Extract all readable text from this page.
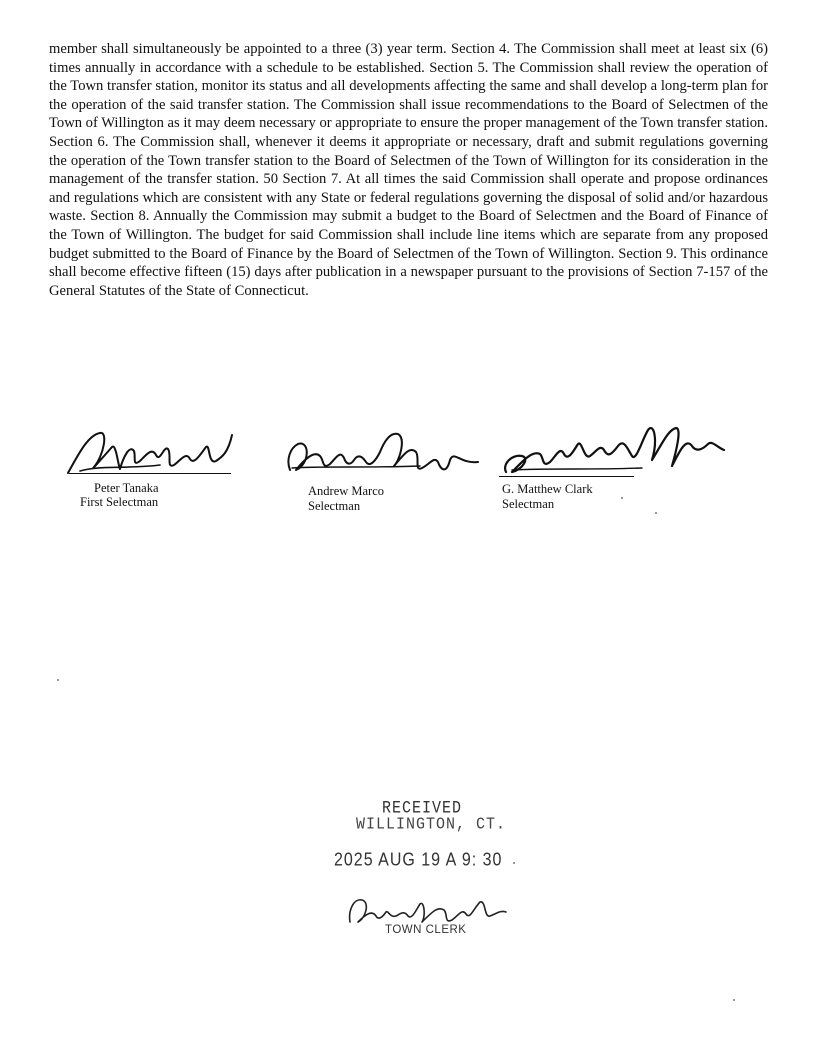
member shall simultaneously be appointed to a three (3) year term. Section 4. The Commission shall meet at least six (6) times annually in accordance with a schedule to be established. Section 5. The Commission shall review the operation of the Town transfer station, monitor its status and all developments affecting the same and shall develop a long-term plan for the operation of the said transfer station. The Commission shall issue recommendations to the Board of Selectmen of the Town of Willington as it may deem necessary or appropriate to ensure the proper management of the Town transfer station. Section 6. The Commission shall, whenever it deems it appropriate or necessary, draft and submit regulations governing the operation of the Town transfer station to the Board of Selectmen of the Town of Willington for its consideration in the management of the transfer station. 50 Section 7. At all times the said Commission shall operate and propose ordinances and regulations which are consistent with any State or federal regulations governing the disposal of solid and/or hazardous waste. Section 8. Annually the Commission may submit a budget to the Board of Selectmen and the Board of Finance of the Town of Willington. The budget for said Commission shall include line items which are separate from any proposed budget submitted to the Board of Finance by the Board of Selectmen of the Town of Willington. Section 9. This ordinance shall become effective fifteen (15) days after publication in a newspaper pursuant to the provisions of Section 7-157 of the General Statutes of the State of Connecticut.

Peter Tanaka
First Selectman
Andrew Marco
Selectman
G. Matthew Clark
Selectman
RECEIVED
WILLINGTON, CT.
2025 AUG 19 A 9: 30
TOWN CLERK
